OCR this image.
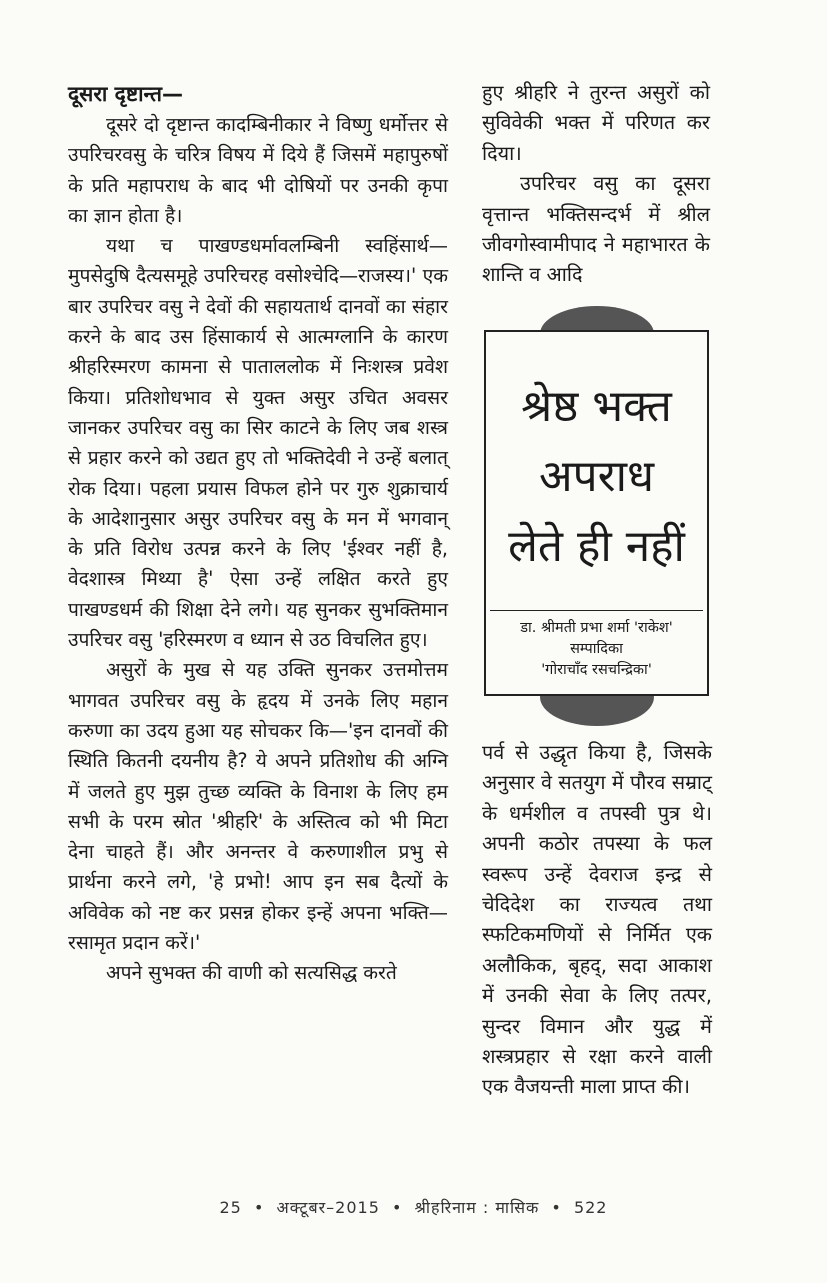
दूसरा दृष्टान्त—

दूसरे दो दृष्टान्त कादम्बिनीकार ने विष्णु धर्मोत्तर से उपरिचरवसु के चरित्र विषय में दिये हैं जिसमें महापुरुषों के प्रति महापराध के बाद भी दोषियों पर उनकी कृपा का ज्ञान होता है।

यथा च पाखण्डधर्मावलम्बिनी स्वहिंसार्थ—मुपसेदुषि दैत्यसमूहे उपरिचरह वसोश्चेदि—राजस्य।' एक बार उपरिचर वसु ने देवों की सहायतार्थ दानवों का संहार करने के बाद उस हिंसाकार्य से आत्मग्लानि के कारण श्रीहरिस्मरण कामना से पाताललोक में निःशस्त्र प्रवेश किया। प्रतिशोधभाव से युक्त असुर उचित अवसर जानकर उपरिचर वसु का सिर काटने के लिए जब शस्त्र से प्रहार करने को उद्यत हुए तो भक्तिदेवी ने उन्हें बलात् रोक दिया। पहला प्रयास विफल होने पर गुरु शुक्राचार्य के आदेशानुसार असुर उपरिचर वसु के मन में भगवान् के प्रति विरोध उत्पन्न करने के लिए 'ईश्वर नहीं है, वेदशास्त्र मिथ्या है' ऐसा उन्हें लक्षित करते हुए पाखण्डधर्म की शिक्षा देने लगे। यह सुनकर सुभक्तिमान उपरिचर वसु 'हरिस्मरण व ध्यान से उठ विचलित हुए।

असुरों के मुख से यह उक्ति सुनकर उत्तमोत्तम भागवत उपरिचर वसु के हृदय में उनके लिए महान करुणा का उदय हुआ यह सोचकर कि—'इन दानवों की स्थिति कितनी दयनीय है? ये अपने प्रतिशोध की अग्नि में जलते हुए मुझ तुच्छ व्यक्ति के विनाश के लिए हम सभी के परम स्रोत 'श्रीहरि' के अस्तित्व को भी मिटा देना चाहते हैं। और अनन्तर वे करुणाशील प्रभु से प्रार्थना करने लगे, 'हे प्रभो! आप इन सब दैत्यों के अविवेक को नष्ट कर प्रसन्न होकर इन्हें अपना भक्ति—रसामृत प्रदान करें।'

अपने सुभक्त की वाणी को सत्यसिद्ध करते

हुए श्रीहरि ने तुरन्त असुरों को सुविवेकी भक्त में परिणत कर दिया।

उपरिचर वसु का दूसरा वृत्तान्त भक्तिसन्दर्भ में श्रील जीवगोस्वामीपाद ने महाभारत के शान्ति व आदि

श्रेष्ठ भक्त
अपराध
लेते ही नहीं
डा. श्रीमती प्रभा शर्मा 'राकेश'
सम्पादिका
'गोराचाँद रसचन्द्रिका'

पर्व से उद्धृत किया है, जिसके अनुसार वे सतयुग में पौरव सम्राट् के धर्मशील व तपस्वी पुत्र थे। अपनी कठोर तपस्या के फल स्वरूप उन्हें देवराज इन्द्र से चेदिदेश का राज्यत्व तथा स्फटिकमणियों से निर्मित एक अलौकिक, बृहद्, सदा आकाश में उनकी सेवा के लिए तत्पर, सुन्दर विमान और युद्ध में शस्त्रप्रहार से रक्षा करने वाली एक वैजयन्ती माला प्राप्त की।

25 • अक्टूबर–2015 • श्रीहरिनाम : मासिक • 522
